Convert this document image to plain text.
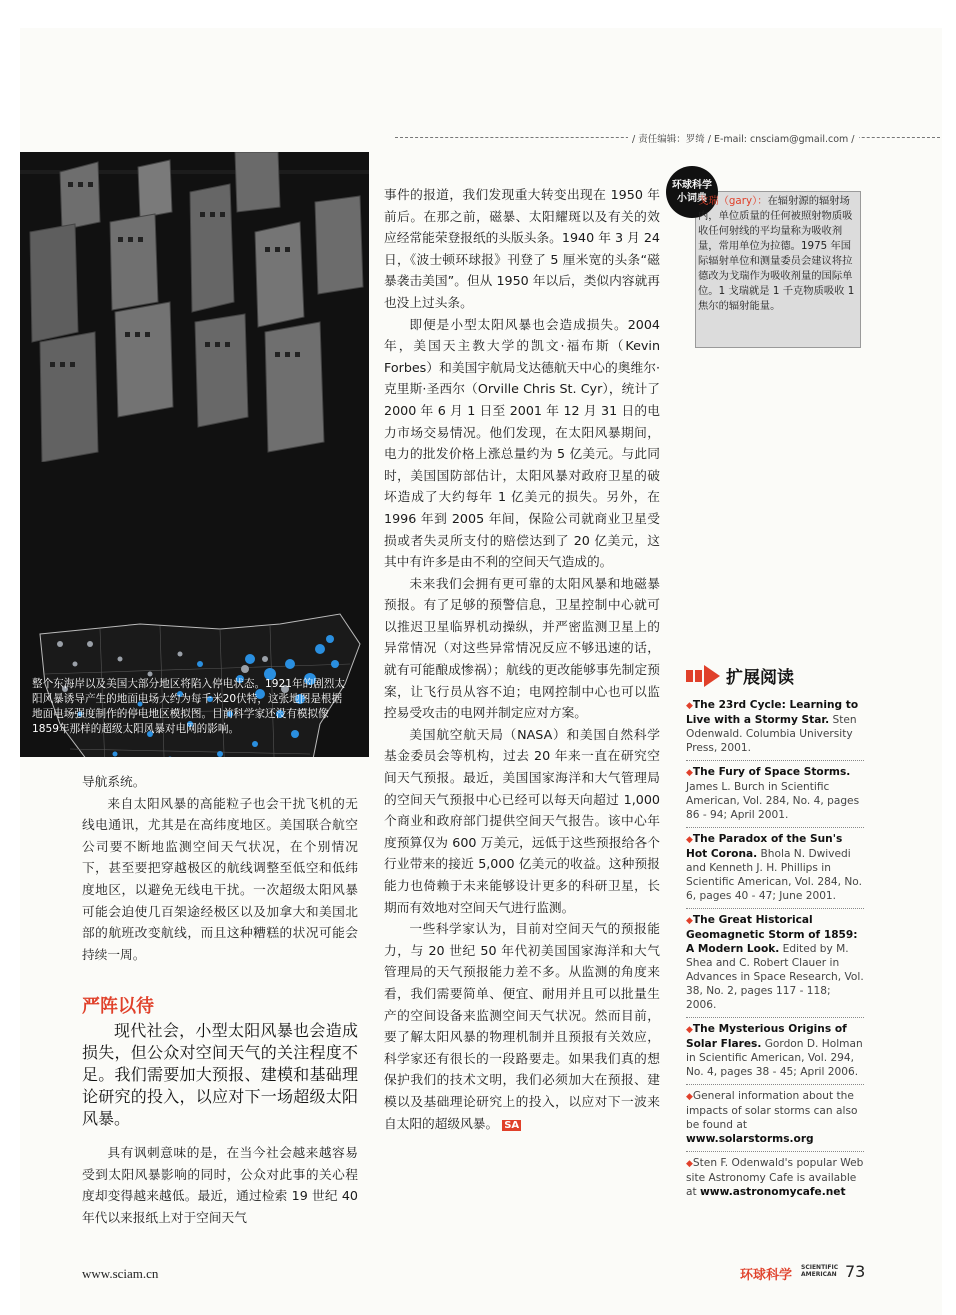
/ 责任编辑：罗绮 / E-mail: cnsciam@gmail.com /

整个东海岸以及美国大部分地区将陷入停电状态。1921年的剧烈太阳风暴诱导产生的地面电场大约为每千米20伏特，这张地图是根据地面电场强度制作的停电地区模拟图。目前科学家还没有模拟像1859年那样的超级太阳风暴对电网的影响。

导航系统。

来自太阳风暴的高能粒子也会干扰飞机的无线电通讯，尤其是在高纬度地区。美国联合航空公司要不断地监测空间天气状况，在个别情况下，甚至要把穿越极区的航线调整至低空和低纬度地区，以避免无线电干扰。一次超级太阳风暴可能会迫使几百架途经极区以及加拿大和美国北部的航班改变航线，而且这种糟糕的状况可能会持续一周。

严阵以待

现代社会，小型太阳风暴也会造成损失，但公众对空间天气的关注程度不足。我们需要加大预报、建模和基础理论研究的投入，以应对下一场超级太阳风暴。

具有讽刺意味的是，在当今社会越来越容易受到太阳风暴影响的同时，公众对此事的关心程度却变得越来越低。最近，通过检索 19 世纪 40 年代以来报纸上对于空间天气

事件的报道，我们发现重大转变出现在 1950 年前后。在那之前，磁暴、太阳耀斑以及有关的效应经常能荣登报纸的头版头条。1940 年 3 月 24 日，《波士顿环球报》刊登了 5 厘米宽的头条“磁暴袭击美国”。但从 1950 年以后，类似内容就再也没上过头条。

即便是小型太阳风暴也会造成损失。2004 年，美国天主教大学的凯文·福布斯（Kevin Forbes）和美国宇航局戈达德航天中心的奥维尔·克里斯·圣西尔（Orville Chris St. Cyr），统计了 2000 年 6 月 1 日至 2001 年 12 月 31 日的电力市场交易情况。他们发现，在太阳风暴期间，电力的批发价格上涨总量约为 5 亿美元。与此同时，美国国防部估计，太阳风暴对政府卫星的破坏造成了大约每年 1 亿美元的损失。另外，在 1996 年到 2005 年间，保险公司就商业卫星受损或者失灵所支付的赔偿达到了 20 亿美元，这其中有许多是由不利的空间天气造成的。

未来我们会拥有更可靠的太阳风暴和地磁暴预报。有了足够的预警信息，卫星控制中心就可以推迟卫星临界机动操纵，并严密监测卫星上的异常情况（对这些异常情况反应不够迅速的话，就有可能酿成惨祸）；航线的更改能够事先制定预案，让飞行员从容不迫；电网控制中心也可以监控易受攻击的电网并制定应对方案。

美国航空航天局（NASA）和美国自然科学基金委员会等机构，过去 20 年来一直在研究空间天气预报。最近，美国国家海洋和大气管理局的空间天气预报中心已经可以每天向超过 1,000 个商业和政府部门提供空间天气报告。该中心年度预算仅为 600 万美元，远低于这些预报给各个行业带来的接近 5,000 亿美元的收益。这种预报能力也倚赖于未来能够设计更多的科研卫星，长期而有效地对空间天气进行监测。

一些科学家认为，目前对空间天气的预报能力，与 20 世纪 50 年代初美国国家海洋和大气管理局的天气预报能力差不多。从监测的角度来看，我们需要简单、便宜、耐用并且可以批量生产的空间设备来监测空间天气状况。然而目前，要了解太阳风暴的物理机制并且预报有关效应，科学家还有很长的一段路要走。如果我们真的想保护我们的技术文明，我们必须加大在预报、建模以及基础理论研究上的投入，以应对下一波来自太阳的超级风暴。 SA

环球科学
小词典

戈瑞（gary）：在辐射源的辐射场内，单位质量的任何被照射物质吸收任何射线的平均量称为吸收剂量，常用单位为拉德。1975 年国际辐射单位和测量委员会建议将拉德改为戈瑞作为吸收剂量的国际单位。1 戈瑞就是 1 千克物质吸收 1 焦尔的辐射能量。

扩展阅读
◆The 23rd Cycle: Learning to Live with a Stormy Star. Sten Odenwald. Columbia University Press, 2001.
◆The Fury of Space Storms. James L. Burch in Scientific American, Vol. 284, No. 4, pages 86 - 94; April 2001.
◆The Paradox of the Sun's Hot Corona. Bhola N. Dwivedi and Kenneth J. H. Phillips in Scientific American, Vol. 284, No. 6, pages 40 - 47; June 2001.
◆The Great Historical Geomagnetic Storm of 1859: A Modern Look. Edited by M. Shea and C. Robert Clauer in Advances in Space Research, Vol. 38, No. 2, pages 117 - 118; 2006.
◆The Mysterious Origins of Solar Flares. Gordon D. Holman in Scientific American, Vol. 294, No. 4, pages 38 - 45; April 2006.
◆General information about the impacts of solar storms can also be found at www.solarstorms.org
◆Sten F. Odenwald's popular Web site Astronomy Cafe is available at www.astronomycafe.net
www.sciam.cn	环球科学
SCIENTIFIC
AMERICAN 73
